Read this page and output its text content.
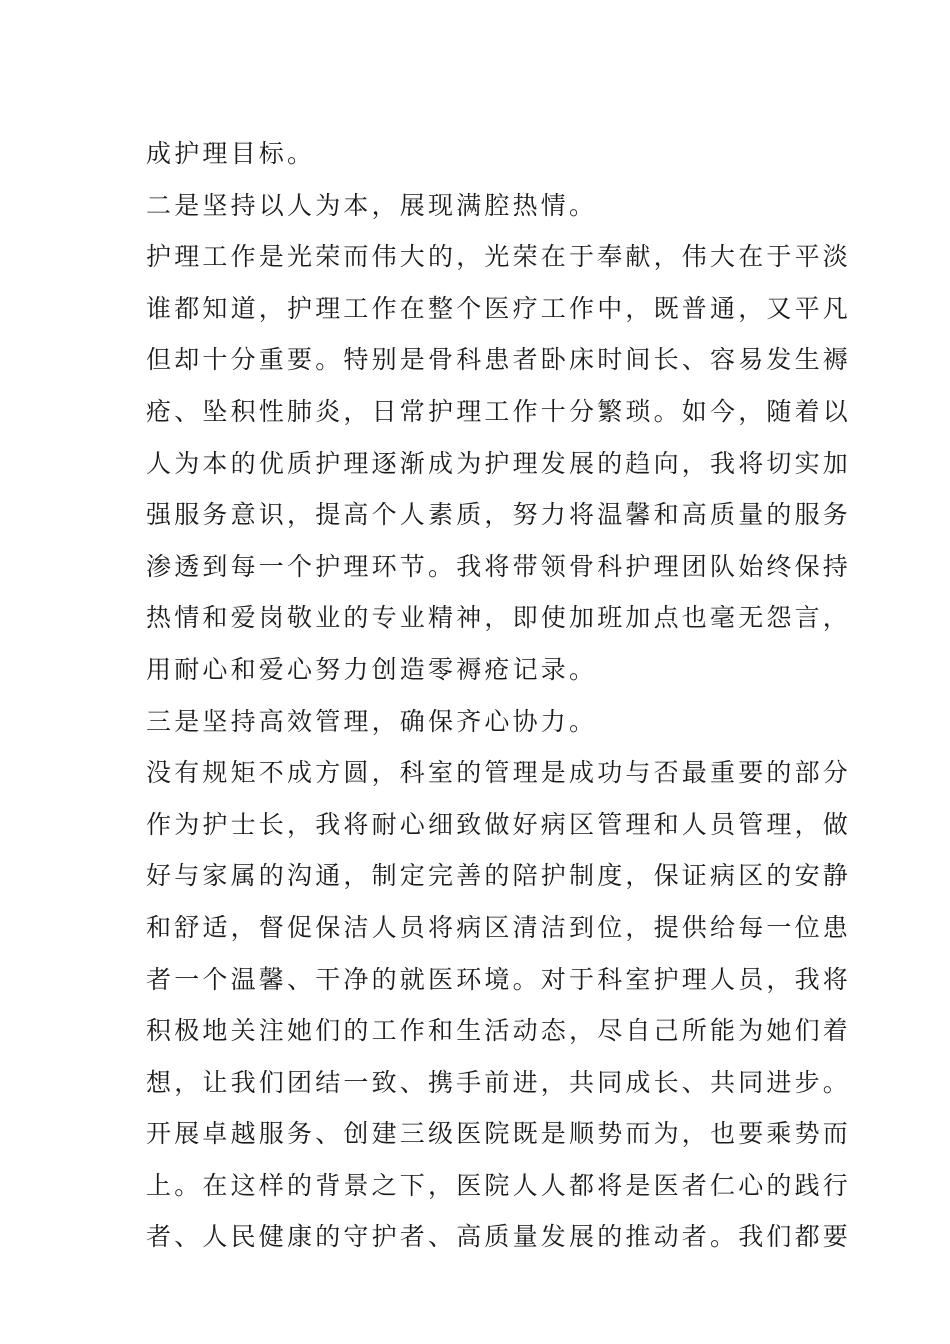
成护理目标。
二是坚持以人为本，展现满腔热情。
护理工作是光荣而伟大的，光荣在于奉献，伟大在于平淡
谁都知道，护理工作在整个医疗工作中，既普通，又平凡
但却十分重要。特别是骨科患者卧床时间长、容易发生褥
疮、坠积性肺炎，日常护理工作十分繁琐。如今，随着以
人为本的优质护理逐渐成为护理发展的趋向，我将切实加
强服务意识，提高个人素质，努力将温馨和高质量的服务
渗透到每一个护理环节。我将带领骨科护理团队始终保持
热情和爱岗敬业的专业精神，即使加班加点也毫无怨言，
用耐心和爱心努力创造零褥疮记录。
三是坚持高效管理，确保齐心协力。
没有规矩不成方圆，科室的管理是成功与否最重要的部分
作为护士长，我将耐心细致做好病区管理和人员管理，做
好与家属的沟通，制定完善的陪护制度，保证病区的安静
和舒适，督促保洁人员将病区清洁到位，提供给每一位患
者一个温馨、干净的就医环境。对于科室护理人员，我将
积极地关注她们的工作和生活动态，尽自己所能为她们着
想，让我们团结一致、携手前进，共同成长、共同进步。
开展卓越服务、创建三级医院既是顺势而为，也要乘势而
上。在这样的背景之下，医院人人都将是医者仁心的践行
者、人民健康的守护者、高质量发展的推动者。我们都要
